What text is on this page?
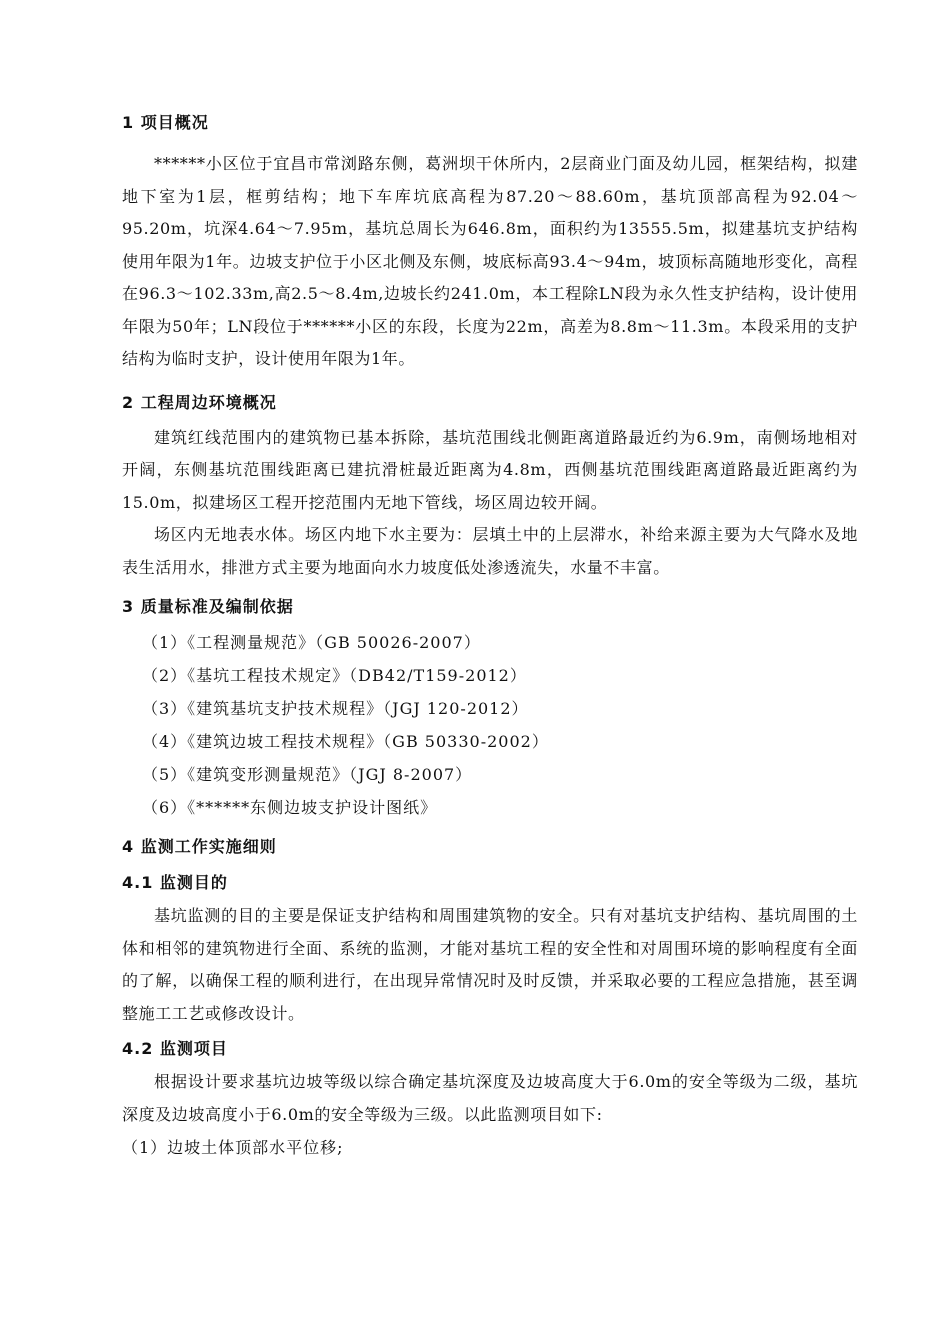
1 项目概况
******小区位于宜昌市常浏路东侧，葛洲坝干休所内，2层商业门面及幼儿园，框架结构，拟建地下室为1层，框剪结构；地下车库坑底高程为87.20～88.60m，基坑顶部高程为92.04～95.20m，坑深4.64～7.95m，基坑总周长为646.8m，面积约为13555.5m，拟建基坑支护结构使用年限为1年。边坡支护位于小区北侧及东侧，坡底标高93.4～94m，坡顶标高随地形变化，高程在96.3～102.33m,高2.5～8.4m,边坡长约241.0m，本工程除LN段为永久性支护结构，设计使用年限为50年；LN段位于******小区的东段，长度为22m，高差为8.8m～11.3m。本段采用的支护结构为临时支护，设计使用年限为1年。
2 工程周边环境概况
建筑红线范围内的建筑物已基本拆除，基坑范围线北侧距离道路最近约为6.9m，南侧场地相对开阔，东侧基坑范围线距离已建抗滑桩最近距离为4.8m，西侧基坑范围线距离道路最近距离约为15.0m，拟建场区工程开挖范围内无地下管线，场区周边较开阔。
场区内无地表水体。场区内地下水主要为：层填土中的上层滞水，补给来源主要为大气降水及地表生活用水，排泄方式主要为地面向水力坡度低处渗透流失，水量不丰富。
3 质量标准及编制依据
（1）《工程测量规范》（GB 50026-2007）
（2）《基坑工程技术规定》（DB42/T159-2012）
（3）《建筑基坑支护技术规程》（JGJ 120-2012）
（4）《建筑边坡工程技术规程》（GB 50330-2002）
（5）《建筑变形测量规范》（JGJ 8-2007）
（6）《******东侧边坡支护设计图纸》
4 监测工作实施细则
4.1 监测目的
基坑监测的目的主要是保证支护结构和周围建筑物的安全。只有对基坑支护结构、基坑周围的土体和相邻的建筑物进行全面、系统的监测，才能对基坑工程的安全性和对周围环境的影响程度有全面的了解，以确保工程的顺利进行，在出现异常情况时及时反馈，并采取必要的工程应急措施，甚至调整施工工艺或修改设计。
4.2 监测项目
根据设计要求基坑边坡等级以综合确定基坑深度及边坡高度大于6.0m的安全等级为二级，基坑深度及边坡高度小于6.0m的安全等级为三级。以此监测项目如下:
（1）边坡土体顶部水平位移;
